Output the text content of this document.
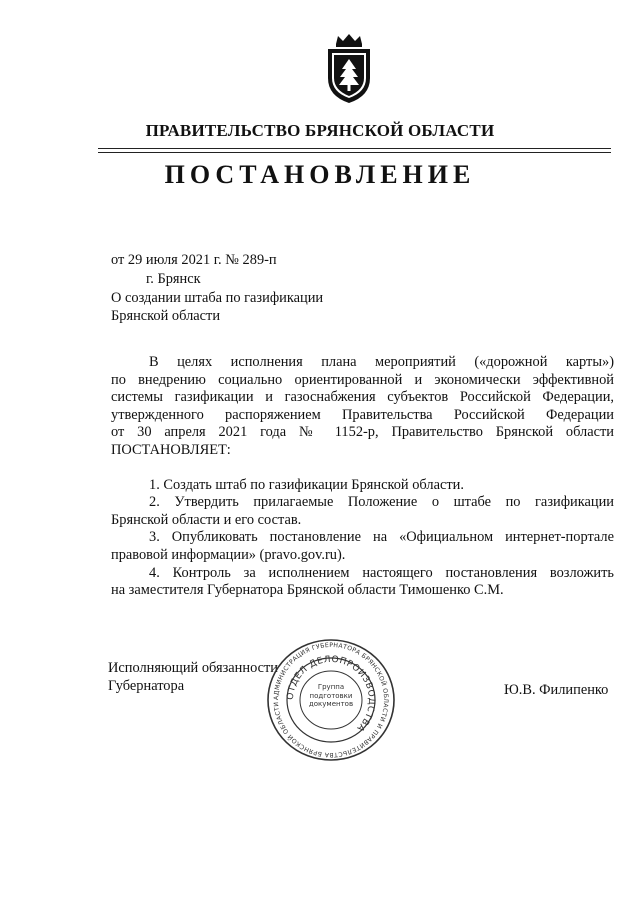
ПРАВИТЕЛЬСТВО БРЯНСКОЙ ОБЛАСТИ
ПОСТАНОВЛЕНИЕ
от 29 июля 2021 г. № 289-п
г. Брянск
О создании штаба по газификации
Брянской области
В целях исполнения плана мероприятий («дорожной карты»)
по внедрению социально ориентированной и экономически эффективной
системы газификации и газоснабжения субъектов Российской Федерации,
утвержденного распоряжением Правительства Российской Федерации
от 30 апреля 2021 года № 1152-р, Правительство Брянской области
ПОСТАНОВЛЯЕТ:
1. Создать штаб по газификации Брянской области.
2. Утвердить прилагаемые Положение о штабе по газификации
Брянской области и его состав.
3. Опубликовать постановление на «Официальном интернет-портале
правовой информации» (pravo.gov.ru).
4. Контроль за исполнением настоящего постановления возложить
на заместителя Губернатора Брянской области Тимошенко С.М.
Исполняющий обязанности
Губернатора	Ю.В. Филипенко
АДМИНИСТРАЦИЯ ГУБЕРНАТОРА БРЯНСКОЙ ОБЛАСТИ И ПРАВИТЕЛЬСТВА БРЯНСКОЙ ОБЛАСТИ
ОТДЕЛ ДЕЛОПРОИЗВОДСТВА
Группа подготовки документов
